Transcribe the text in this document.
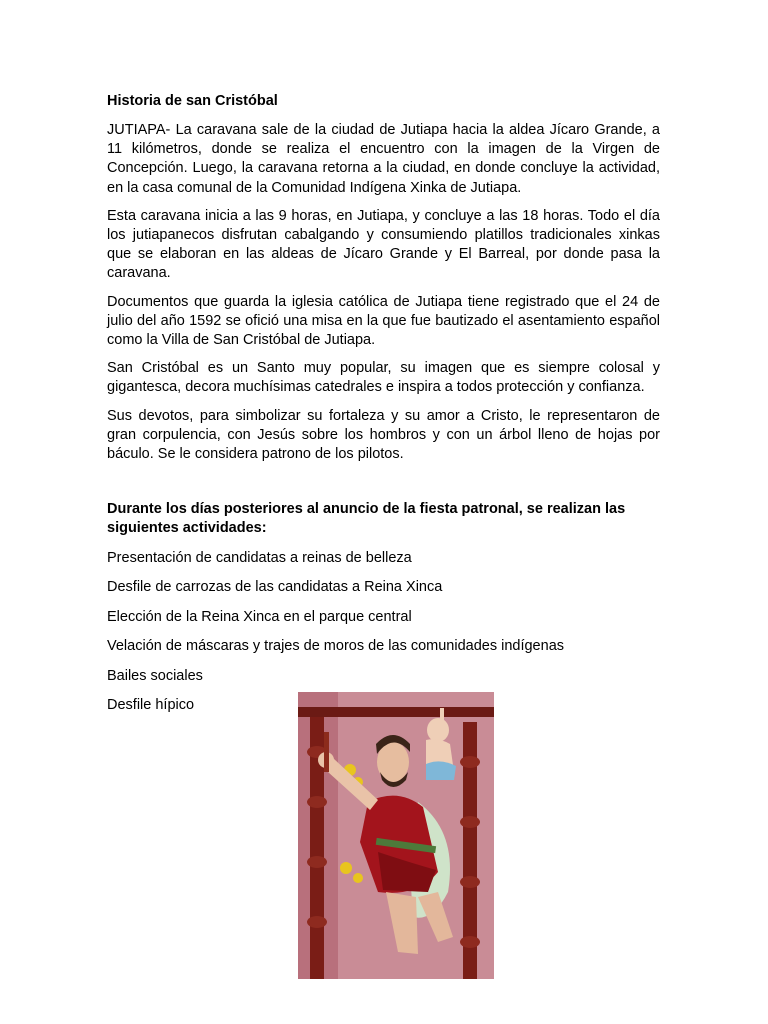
Historia de san Cristóbal

JUTIAPA- La caravana sale de la ciudad de Jutiapa hacia la aldea Jícaro Grande, a 11 kilómetros, donde se realiza el encuentro con la imagen de la Virgen de Concepción. Luego, la caravana retorna a la ciudad, en donde concluye la actividad, en la casa comunal de la Comunidad Indígena Xinka de Jutiapa.

Esta caravana inicia a las 9 horas, en Jutiapa, y concluye a las 18 horas. Todo el día los jutiapanecos disfrutan cabalgando y consumiendo platillos tradicionales xinkas que se elaboran en las aldeas de Jícaro Grande y El Barreal, por donde pasa la caravana.

Documentos que guarda la iglesia católica de Jutiapa tiene registrado que el 24 de julio del año 1592 se ofició una misa en la que fue bautizado el asentamiento español como la Villa de San Cristóbal de Jutiapa.

San Cristóbal es un Santo muy popular, su imagen que es siempre colosal y gigantesca, decora muchísimas catedrales e inspira a todos protección y confianza.

Sus devotos, para simbolizar su fortaleza y su amor a Cristo, le representaron de gran corpulencia, con Jesús sobre los hombros y con un árbol lleno de hojas por báculo. Se le considera patrono de los pilotos.

Durante los días posteriores al anuncio de la fiesta patronal, se realizan las siguientes actividades:
Presentación de candidatas a reinas de belleza
Desfile de carrozas de las candidatas a Reina Xinca
Elección de la Reina Xinca en el parque central
Velación de máscaras y trajes de moros de las comunidades indígenas
Bailes sociales
Desfile hípico
